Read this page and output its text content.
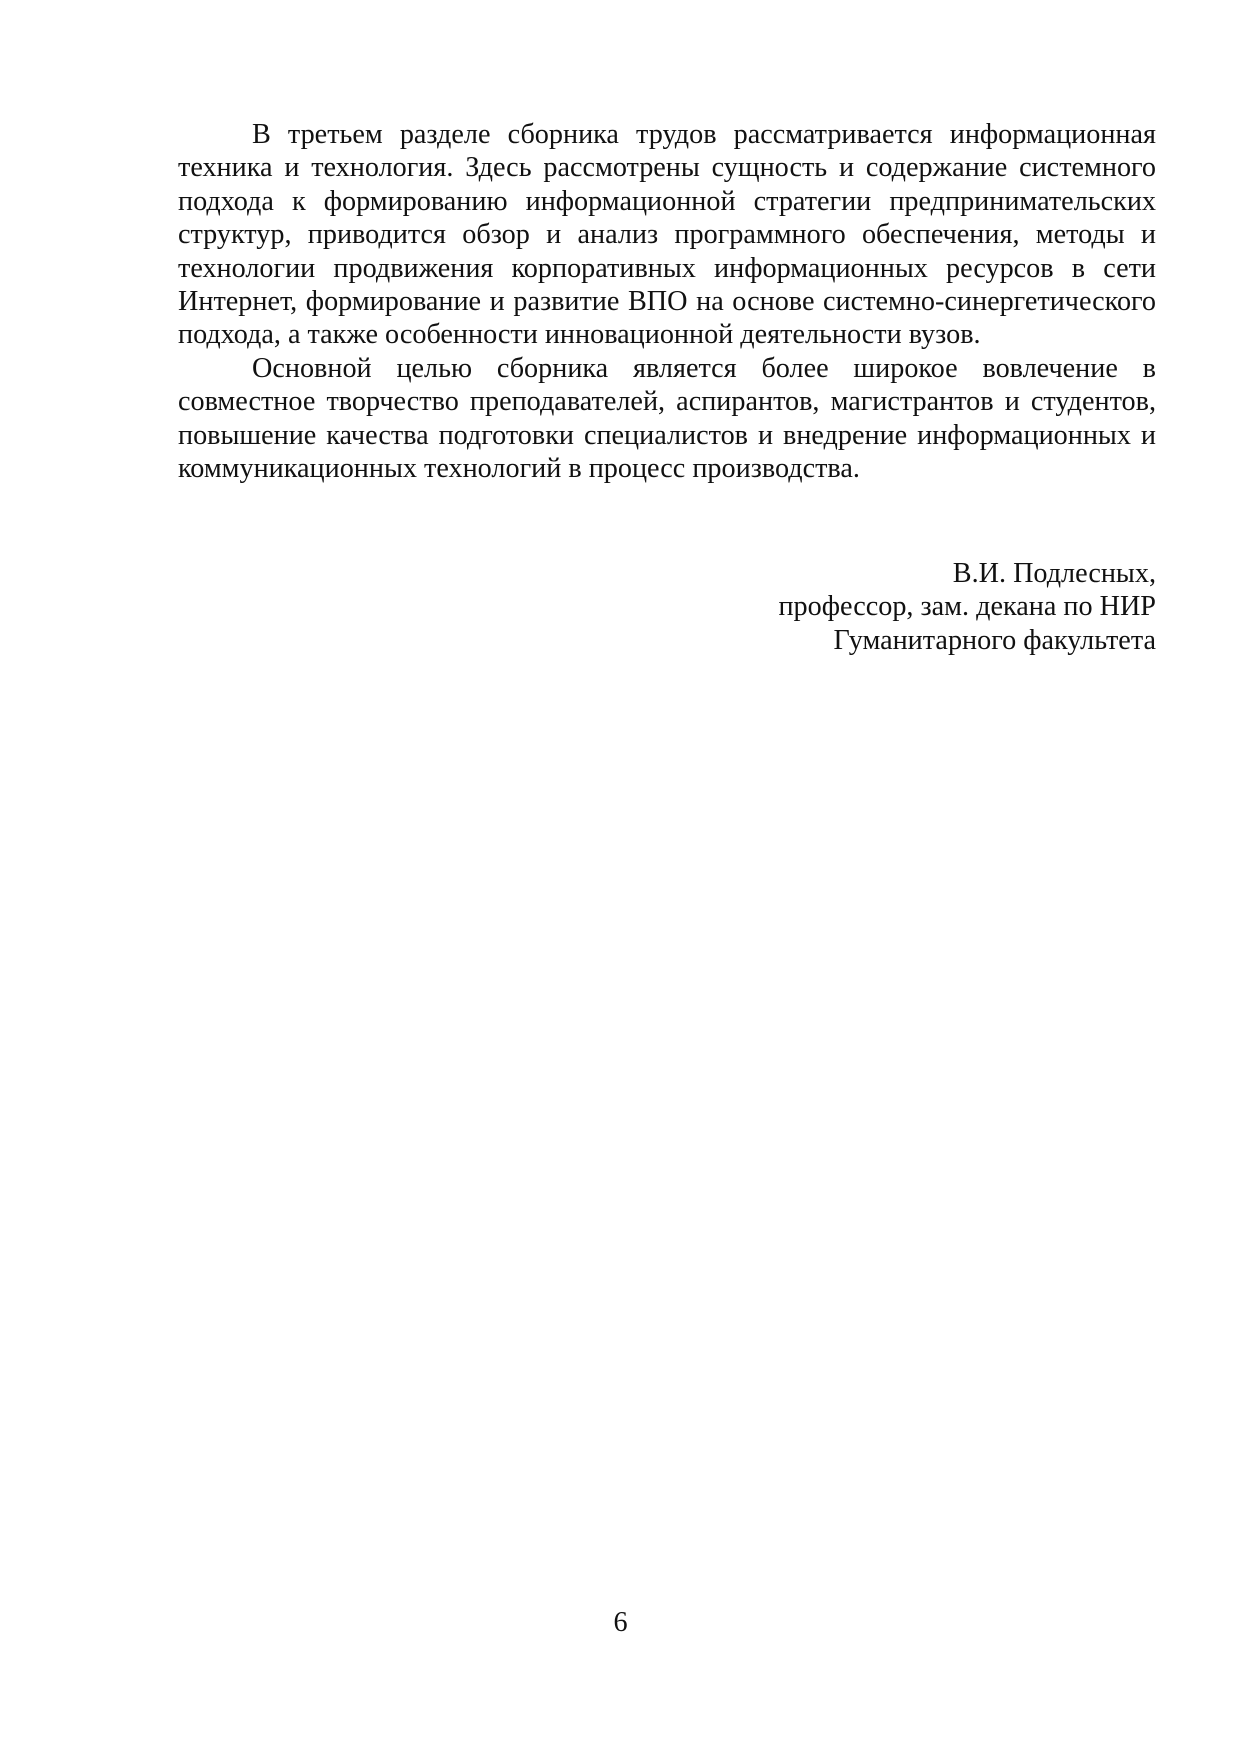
В третьем разделе сборника трудов рассматривается информационная техника и технология. Здесь рассмотрены сущность и содержание системного подхода к формированию информационной стратегии предпринимательских структур, приводится обзор и анализ программного обеспечения, методы и технологии продвижения корпоративных информационных ресурсов в сети Интернет, формирование и развитие ВПО на основе системно-синергетического подхода, а также особенности инновационной деятельности вузов.

Основной целью сборника является более широкое вовлечение в совместное творчество преподавателей, аспирантов, магистрантов и студентов, повышение качества подготовки специалистов и внедрение информационных и коммуникационных технологий в процесс производства.

В.И. Подлесных,
профессор, зам. декана по НИР
Гуманитарного факультета
6
